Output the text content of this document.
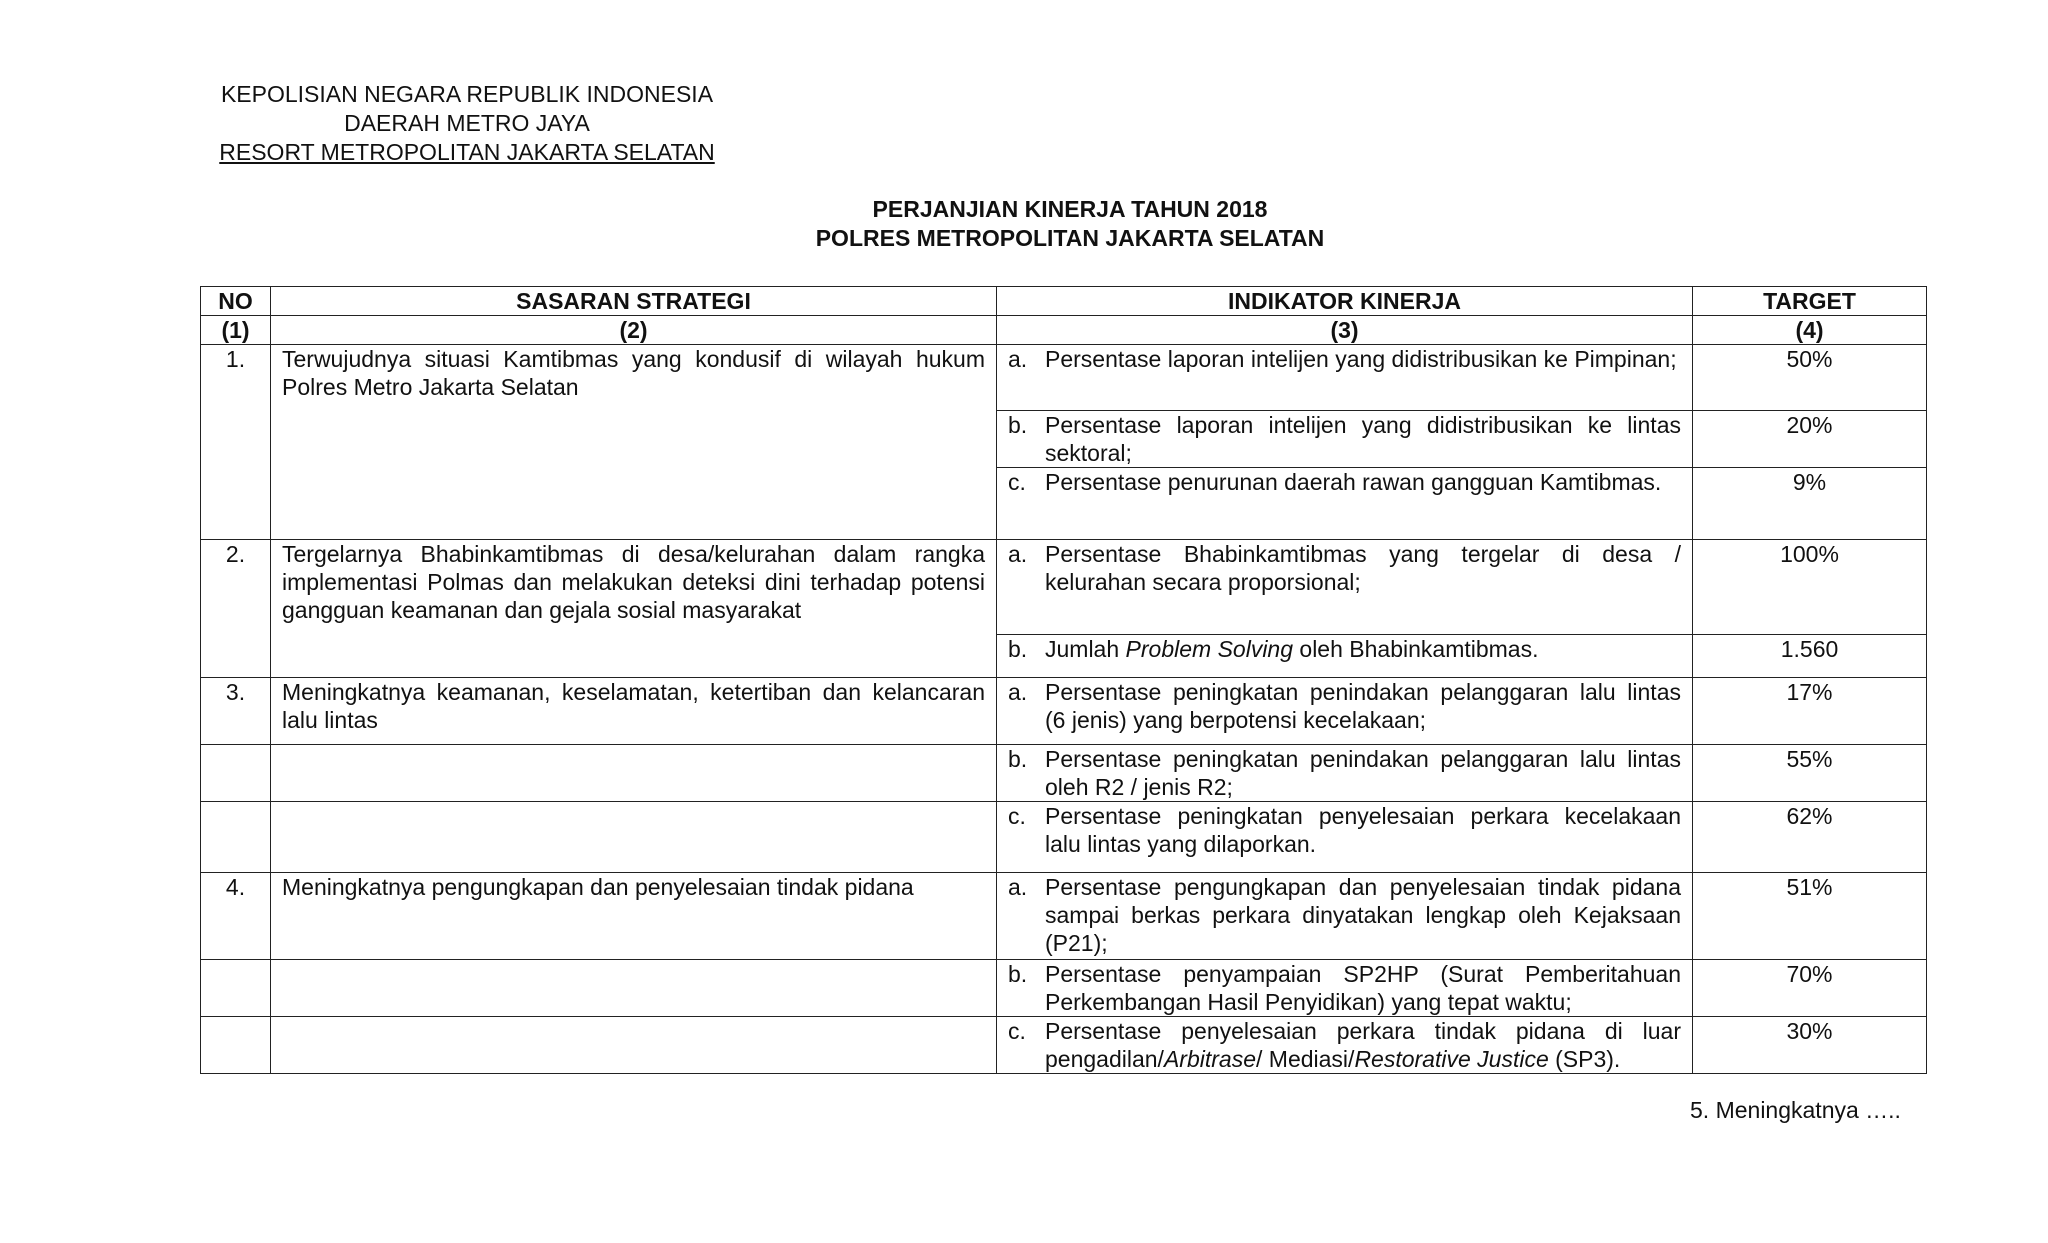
KEPOLISIAN NEGARA REPUBLIK INDONESIA
DAERAH METRO JAYA
RESORT METROPOLITAN JAKARTA SELATAN
PERJANJIAN KINERJA TAHUN 2018
POLRES METROPOLITAN JAKARTA SELATAN
NO	SASARAN STRATEGI	INDIKATOR KINERJA	TARGET
(1)	(2)	(3)	(4)
1.	Terwujudnya situasi Kamtibmas yang kondusif di wilayah hukum Polres Metro Jakarta Selatan	a. Persentase laporan intelijen yang didistribusikan ke Pimpinan;	50%

		b. Persentase laporan intelijen yang didistribusikan ke lintas sektoral;	20%

		c. Persentase penurunan daerah rawan gangguan Kamtibmas.	9%
2.	Tergelarnya Bhabinkamtibmas di desa/kelurahan dalam rangka implementasi Polmas dan melakukan deteksi dini terhadap potensi gangguan keamanan dan gejala sosial masyarakat	a. Persentase Bhabinkamtibmas yang tergelar di desa / kelurahan secara proporsional;	100%

		b. Jumlah Problem Solving oleh Bhabinkamtibmas.	1.560
3.	Meningkatnya keamanan, keselamatan, ketertiban dan kelancaran lalu lintas	a. Persentase peningkatan penindakan pelanggaran lalu lintas (6 jenis) yang berpotensi kecelakaan;	17%

		b. Persentase peningkatan penindakan pelanggaran lalu lintas oleh R2 / jenis R2;	55%

		c. Persentase peningkatan penyelesaian perkara kecelakaan lalu lintas yang dilaporkan.	62%
4.	Meningkatnya pengungkapan dan penyelesaian tindak pidana	a. Persentase pengungkapan dan penyelesaian tindak pidana sampai berkas perkara dinyatakan lengkap oleh Kejaksaan (P21);	51%

		b. Persentase penyampaian SP2HP (Surat Pemberitahuan Perkembangan Hasil Penyidikan) yang tepat waktu;	70%

		c. Persentase penyelesaian perkara tindak pidana di luar pengadilan/Arbitrase/ Mediasi/Restorative Justice (SP3).	30%
5. Meningkatnya …..
